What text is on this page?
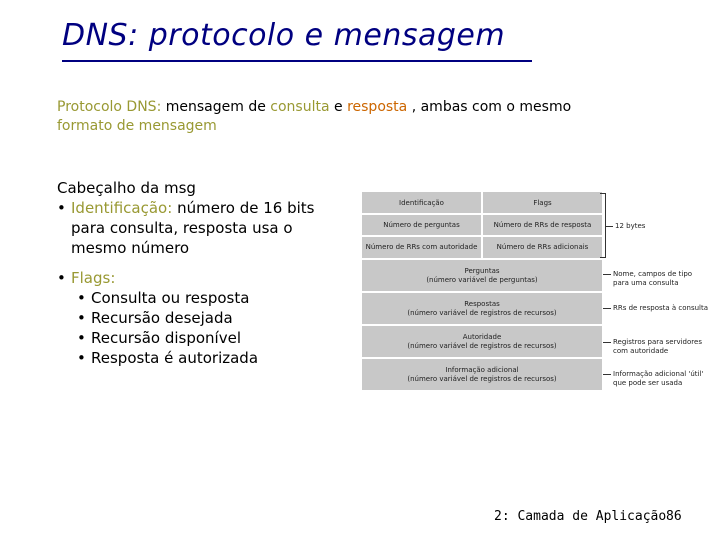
DNS: protocolo e mensagem
Protocolo DNS: mensagem de consulta e resposta , ambas com o mesmo
formato de mensagem
Cabeçalho da msg
• Identificação: número de 16 bits
para consulta, resposta usa o
mesmo número
• Flags:
• Consulta ou resposta
• Recursão desejada
• Recursão disponível
• Resposta é autorizada
Identificação	Flags
Número de perguntas	Número de RRs de resposta
Número de RRs com autoridade	Número de RRs adicionais
Perguntas
(número variável de perguntas)
Respostas
(número variável de registros de recursos)
Autoridade
(número variável de registros de recursos)
Informação adicional
(número variável de registros de recursos)
12 bytes
Nome, campos de tipo
para uma consulta
RRs de resposta à consulta
Registros para servidores
com autoridade
Informação adicional 'útil'
que pode ser usada
2: Camada de Aplicação 86
